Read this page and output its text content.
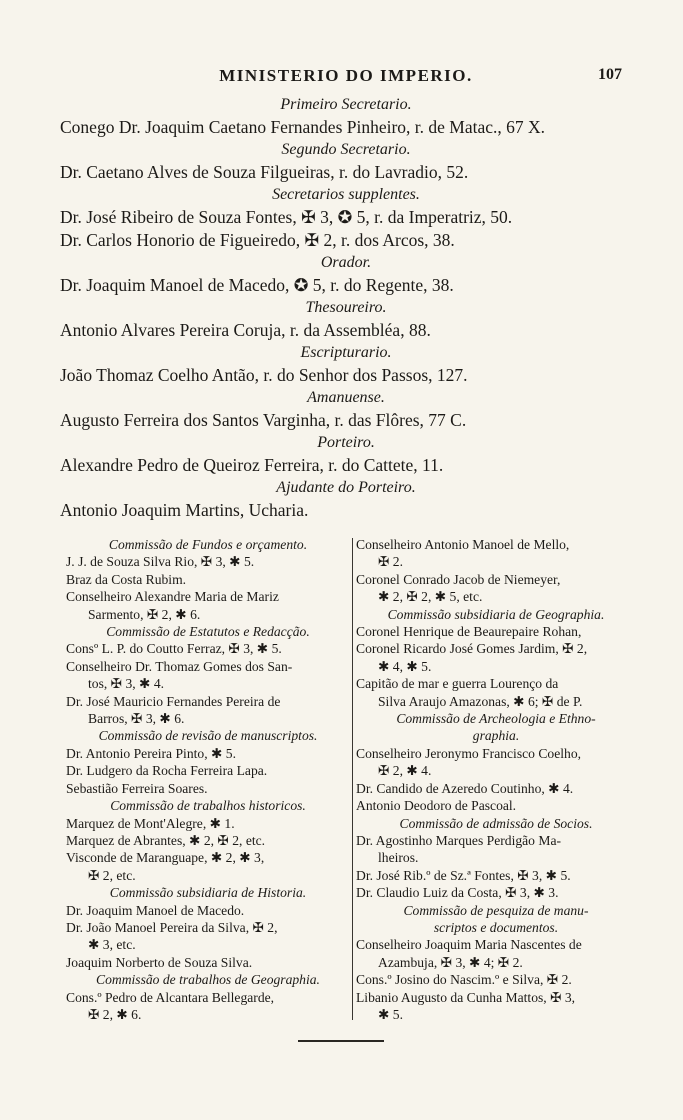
MINISTERIO DO IMPERIO.	107
Primeiro Secretario.
Conego Dr. Joaquim Caetano Fernandes Pinheiro, r. de Matac., 67 X.
Segundo Secretario.
Dr. Caetano Alves de Souza Filgueiras, r. do Lavradio, 52.
Secretarios supplentes.
Dr. José Ribeiro de Souza Fontes, ✠ 3, ✪ 5, r. da Imperatriz, 50.
Dr. Carlos Honorio de Figueiredo, ✠ 2, r. dos Arcos, 38.
Orador.
Dr. Joaquim Manoel de Macedo, ✪ 5, r. do Regente, 38.
Thesoureiro.
Antonio Alvares Pereira Coruja, r. da Assembléa, 88.
Escripturario.
João Thomaz Coelho Antão, r. do Senhor dos Passos, 127.
Amanuense.
Augusto Ferreira dos Santos Varginha, r. das Flôres, 77 C.
Porteiro.
Alexandre Pedro de Queiroz Ferreira, r. do Cattete, 11.
Ajudante do Porteiro.
Antonio Joaquim Martins, Ucharia.
Commissão de Fundos e orçamento.
J. J. de Souza Silva Rio, ✠ 3, ✱ 5.
Braz da Costa Rubim.
Conselheiro Alexandre Maria de Mariz
Sarmento, ✠ 2, ✱ 6.
Commissão de Estatutos e Redacção.
Consº L. P. do Coutto Ferraz, ✠ 3, ✱ 5.
Conselheiro Dr. Thomaz Gomes dos San-
tos, ✠ 3, ✱ 4.
Dr. José Mauricio Fernandes Pereira de
Barros, ✠ 3, ✱ 6.
Commissão de revisão de manuscriptos.
Dr. Antonio Pereira Pinto, ✱ 5.
Dr. Ludgero da Rocha Ferreira Lapa.
Sebastião Ferreira Soares.
Commissão de trabalhos historicos.
Marquez de Mont'Alegre, ✱ 1.
Marquez de Abrantes, ✱ 2, ✠ 2, etc.
Visconde de Maranguape, ✱ 2, ✱ 3,
✠ 2, etc.
Commissão subsidiaria de Historia.
Dr. Joaquim Manoel de Macedo.
Dr. João Manoel Pereira da Silva, ✠ 2,
✱ 3, etc.
Joaquim Norberto de Souza Silva.
Commissão de trabalhos de Geographia.
Cons.º Pedro de Alcantara Bellegarde,
✠ 2, ✱ 6.
Conselheiro Antonio Manoel de Mello,
✠ 2.
Coronel Conrado Jacob de Niemeyer,
✱ 2, ✠ 2, ✱ 5, etc.
Commissão subsidiaria de Geographia.
Coronel Henrique de Beaurepaire Rohan,
Coronel Ricardo José Gomes Jardim, ✠ 2,
✱ 4, ✱ 5.
Capitão de mar e guerra Lourenço da
Silva Araujo Amazonas, ✱ 6; ✠ de P.
Commissão de Archeologia e Ethno-
graphia.
Conselheiro Jeronymo Francisco Coelho,
✠ 2, ✱ 4.
Dr. Candido de Azeredo Coutinho, ✱ 4.
Antonio Deodoro de Pascoal.
Commissão de admissão de Socios.
Dr. Agostinho Marques Perdigão Ma-
lheiros.
Dr. José Rib.º de Sz.ª Fontes, ✠ 3, ✱ 5.
Dr. Claudio Luiz da Costa, ✠ 3, ✱ 3.
Commissão de pesquiza de manu-
scriptos e documentos.
Conselheiro Joaquim Maria Nascentes de
Azambuja, ✠ 3, ✱ 4; ✠ 2.
Cons.º Josino do Nascim.º e Silva, ✠ 2.
Libanio Augusto da Cunha Mattos, ✠ 3,
✱ 5.
